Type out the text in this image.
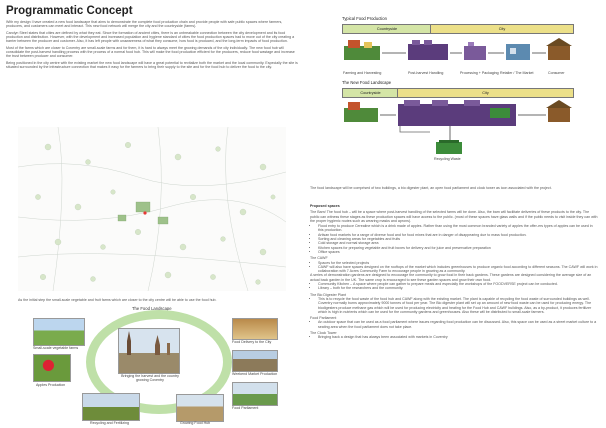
Programmatic Concept

With my design I have created a new food landscape that aims to demonstrate the complete food production chain and provide people with safe public spaces where farmers, producers, and customers can meet and interact. This new food network will merge the city and the countryside (farms).

Carolyn Steel states that cities are defined by what they eat. Since the formation of ancient cities, there is an unbreakable connection between the city development and its food production and distribution. However, with the development and increased population and hygiene standard of cities the food production spaces had to move out of the city creating a barrier between the producer and customer. Also, it has left people with unawareness of what they consume, how food is produced, and the long-term impacts of food production.

Most of the farms which are closer to Coventry are small-scale farms and for them, it is hard to always meet the growing demands of the city individually. The new food hub will consolidate the post-harvest handling process with the process of a normal food hub. This will make the food production efficient for the producers, reduce food wastage and increase the trust between producer and consumer.

Being positioned in the city centre with the existing market the new food landscape will have a great potential to revitalize both the market and the local community. Especially the site is situated surrounded by the infrastructure connection that makes it easy for the farmers to bring their supply to the site and for the food hub to deliver the food to the city.

As the initial step the small-scale vegetable and fruit farms which are closer to the city centre will be able to use the food hub.
The Food Landscape
Small-scale vegetable farms
Apples Production
Recycling and Fertilizing
Bringing the harvest and the country growing Coventry
Growing Food Hub
Food Delivery to the City
Weekend Market Production
Food Parliament
Typical Food Production
Countryside	City
Farming and Harvesting	Post-harvest Handling	Processing + Packaging Retailer / The Market	Consumer
The New Food Landscape
Countryside	City
Recycling Waste
The food landscape will be comprised of two buildings, a bio digester plant, an open food parliament and clock tower as icon associated with the project.
Proposed spaces
The Barn/ The food hub – will be a space where post-harvest handling of the selected farms will be done. Also, the barn will facilitate deliveries of these products to the city. The public can witness these stages as these production spaces will have access to the public. (most of these spaces have glass walls and if the public needs to visit inside they can with the proper hygienic routes such as wearing masks and aprons).
• Flood entry to produce Cerealine which is a drink made of apples. Rather than using the most common branded variety of apples the offer-ers types of apples can be used in this production.
• Artisan food markets for a range of diverse food and for food mixes that are in danger of disappearing due to mass food production.
• Sorting and cleaning areas for vegetables and fruits
• Cold storage and normal storage area
• Kitchen spaces for preparing vegetable and fruit boxes for delivery and for juice and preservative preparation
• Office spaces
The CAWF
• Spaces for the selected projects
• CAWF will also have spaces designed on the rooftops of the market which includes greenhouses to produce organic food according to different seasons. The CAWF will work in collaboration with 7 Acres Community Farm to encourage people in growing as a community.
A series of demonstration gardens are designed to encourage the community to grow food in their back gardens. These gardens are designed considering the average size of an actual back garden in the UK. The same crop is encouraged to see these garden spaces and grow their own food.
• Community Kitchen – A space where people can gather to prepare meals and especially the workshops of the FOODVERSE project can be conducted.
• Library – both for the researchers and the community.
The Bio Digester Plant
• This is to recycle the food waste of the food hub and CAWF along with the existing market. The plant is capable of recycling the food waste of surrounded buildings as well. Coventry normally burns approximately 9000 tonnes of food per year. The Bio digester plant will set up an amount of new food waste can be used for producing energy. The biodigesters produce methane gas which will be used for producing electricity and heating for the Food Hub and CAWF buildings. Also, as a by-product, it produces fertilizer which is high in nutrients which can be used for the community gardens and greenhouses. Also these will be distributed to small-scale farmers.
Food Parliament
• An outdoor space that can be used as a food parliament where issues regarding food production can be discussed. Also, this space can be used as a street market culture to a seating area when the food parliament does not take place.
The Clock Tower
• Bringing back a design that has always been associated with markets in Coventry
